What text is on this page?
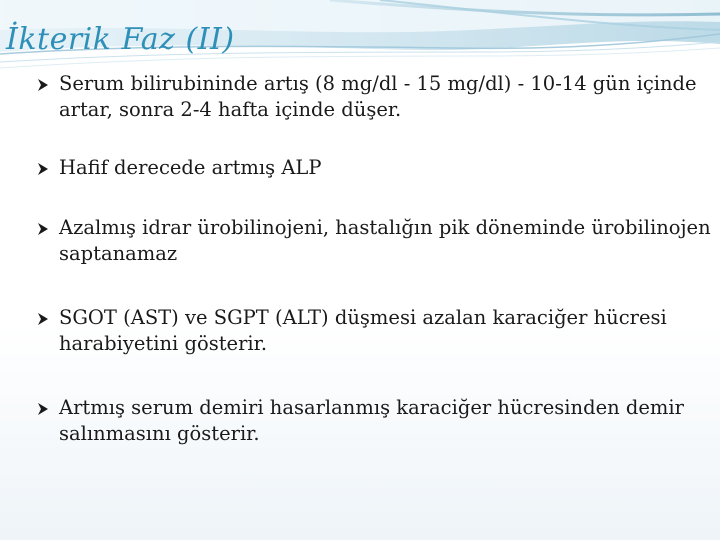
İkterik Faz (II)
Serum bilirubininde artış (8 mg/dl - 15 mg/dl) - 10-14 gün içinde artar, sonra 2-4 hafta içinde düşer.
Hafif derecede artmış ALP
Azalmış idrar ürobilinojeni, hastalığın pik döneminde ürobilinojen saptanamaz
SGOT (AST) ve SGPT (ALT) düşmesi azalan karaciğer hücresi harabiyetini gösterir.
Artmış serum demiri hasarlanmış karaciğer hücresinden demir salınmasını gösterir.
